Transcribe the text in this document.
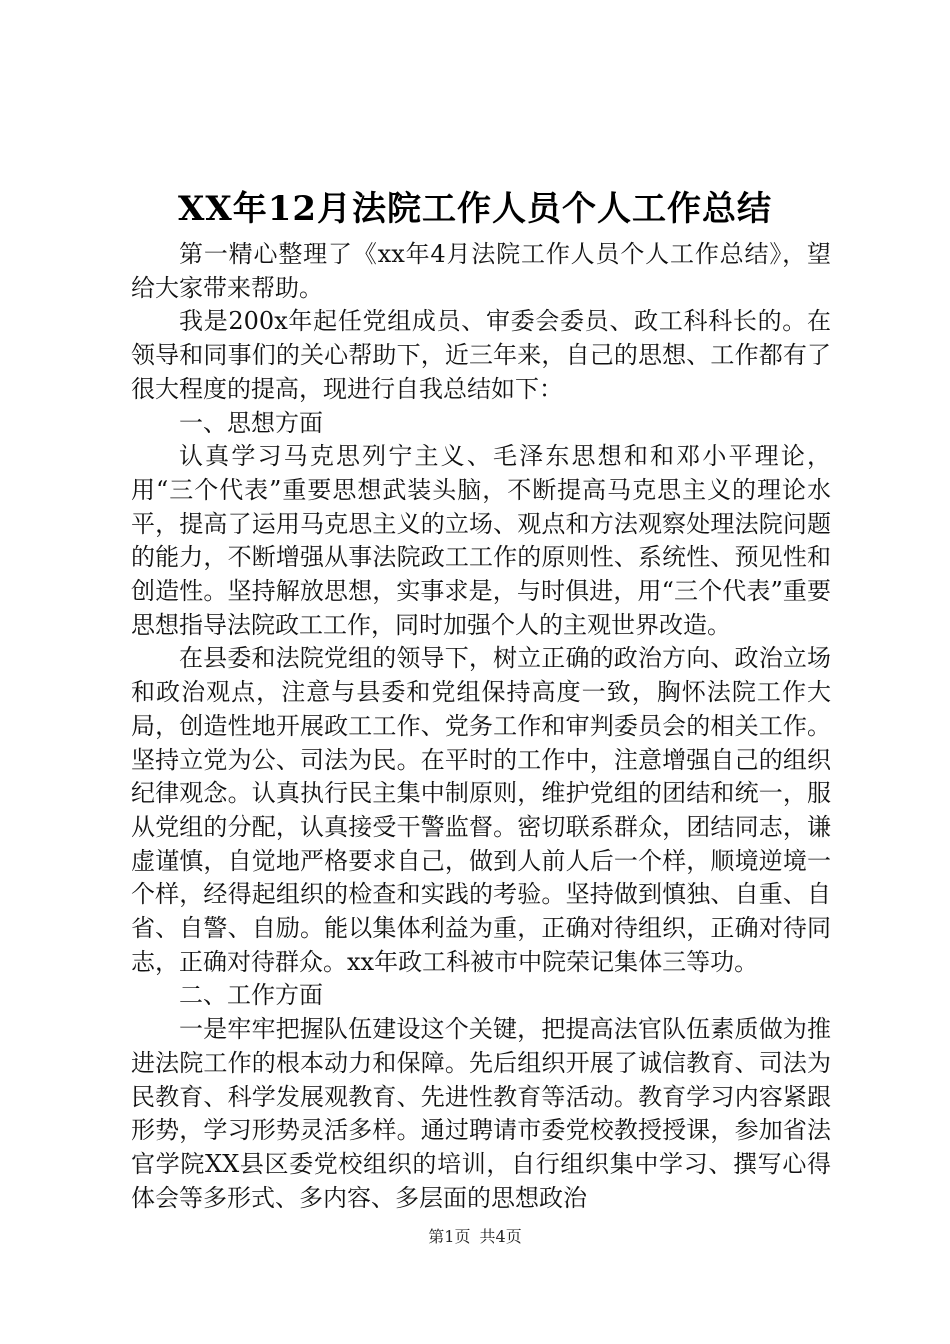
XX年12月法院工作人员个人工作总结

第一精心整理了《xx年4月法院工作人员个人工作总结》，望给大家带来帮助。

我是200x年起任党组成员、审委会委员、政工科科长的。在领导和同事们的关心帮助下，近三年来，自己的思想、工作都有了很大程度的提高，现进行自我总结如下：

一、思想方面

认真学习马克思列宁主义、毛泽东思想和和邓小平理论，用“三个代表”重要思想武装头脑，不断提高马克思主义的理论水平，提高了运用马克思主义的立场、观点和方法观察处理法院问题的能力，不断增强从事法院政工工作的原则性、系统性、预见性和创造性。坚持解放思想，实事求是，与时俱进，用“三个代表”重要思想指导法院政工工作，同时加强个人的主观世界改造。

在县委和法院党组的领导下，树立正确的政治方向、政治立场和政治观点，注意与县委和党组保持高度一致，胸怀法院工作大局，创造性地开展政工工作、党务工作和审判委员会的相关工作。坚持立党为公、司法为民。在平时的工作中，注意增强自己的组织纪律观念。认真执行民主集中制原则，维护党组的团结和统一，服从党组的分配，认真接受干警监督。密切联系群众，团结同志，谦虚谨慎，自觉地严格要求自己，做到人前人后一个样，顺境逆境一个样，经得起组织的检查和实践的考验。坚持做到慎独、自重、自省、自警、自励。能以集体利益为重，正确对待组织，正确对待同志，正确对待群众。xx年政工科被市中院荣记集体三等功。

二、工作方面

一是牢牢把握队伍建设这个关键，把提高法官队伍素质做为推进法院工作的根本动力和保障。先后组织开展了诚信教育、司法为民教育、科学发展观教育、先进性教育等活动。教育学习内容紧跟形势，学习形势灵活多样。通过聘请市委党校教授授课，参加省法官学院XX县区委党校组织的培训，自行组织集中学习、撰写心得体会等多形式、多内容、多层面的思想政治

第1页 共4页
